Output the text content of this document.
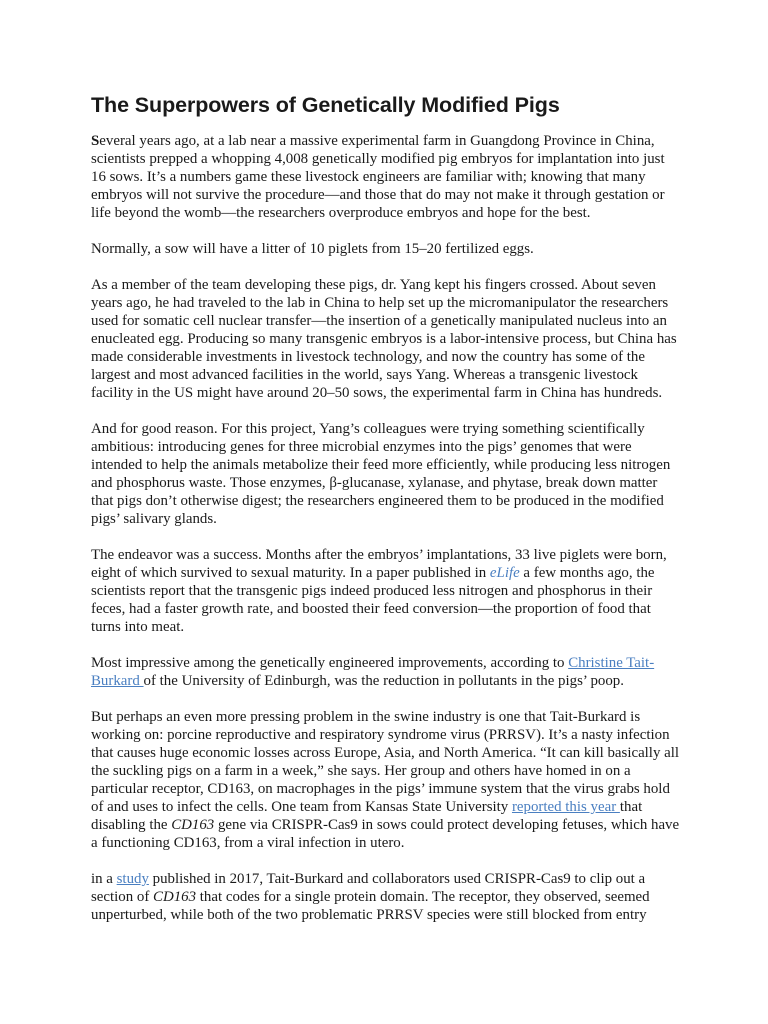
The Superpowers of Genetically Modified Pigs

Several years ago, at a lab near a massive experimental farm in Guangdong Province in China, scientists prepped a whopping 4,008 genetically modified pig embryos for implantation into just 16 sows. It’s a numbers game these livestock engineers are familiar with; knowing that many embryos will not survive the procedure—and those that do may not make it through gestation or life beyond the womb—the researchers overproduce embryos and hope for the best.

Normally, a sow will have a litter of 10 piglets from 15–20 fertilized eggs.

As a member of the team developing these pigs, dr. Yang kept his fingers crossed. About seven years ago, he had traveled to the lab in China to help set up the micromanipulator the researchers used for somatic cell nuclear transfer—the insertion of a genetically manipulated nucleus into an enucleated egg. Producing so many transgenic embryos is a labor-intensive process, but China has made considerable investments in livestock technology, and now the country has some of the largest and most advanced facilities in the world, says Yang. Whereas a transgenic livestock facility in the US might have around 20–50 sows, the experimental farm in China has hundreds.

And for good reason. For this project, Yang’s colleagues were trying something scientifically ambitious: introducing genes for three microbial enzymes into the pigs’ genomes that were intended to help the animals metabolize their feed more efficiently, while producing less nitrogen and phosphorus waste. Those enzymes, β-glucanase, xylanase, and phytase, break down matter that pigs don’t otherwise digest; the researchers engineered them to be produced in the modified pigs’ salivary glands.

The endeavor was a success. Months after the embryos’ implantations, 33 live piglets were born, eight of which survived to sexual maturity. In a paper published in eLife a few months ago, the scientists report that the transgenic pigs indeed produced less nitrogen and phosphorus in their feces, had a faster growth rate, and boosted their feed conversion—the proportion of food that turns into meat.

Most impressive among the genetically engineered improvements, according to Christine Tait-Burkard of the University of Edinburgh, was the reduction in pollutants in the pigs’ poop.

But perhaps an even more pressing problem in the swine industry is one that Tait-Burkard is working on: porcine reproductive and respiratory syndrome virus (PRRSV). It’s a nasty infection that causes huge economic losses across Europe, Asia, and North America. “It can kill basically all the suckling pigs on a farm in a week,” she says. Her group and others have homed in on a particular receptor, CD163, on macrophages in the pigs’ immune system that the virus grabs hold of and uses to infect the cells. One team from Kansas State University reported this year that disabling the CD163 gene via CRISPR-Cas9 in sows could protect developing fetuses, which have a functioning CD163, from a viral infection in utero.

in a study published in 2017, Tait-Burkard and collaborators used CRISPR-Cas9 to clip out a section of CD163 that codes for a single protein domain. The receptor, they observed, seemed unperturbed, while both of the two problematic PRRSV species were still blocked from entry
